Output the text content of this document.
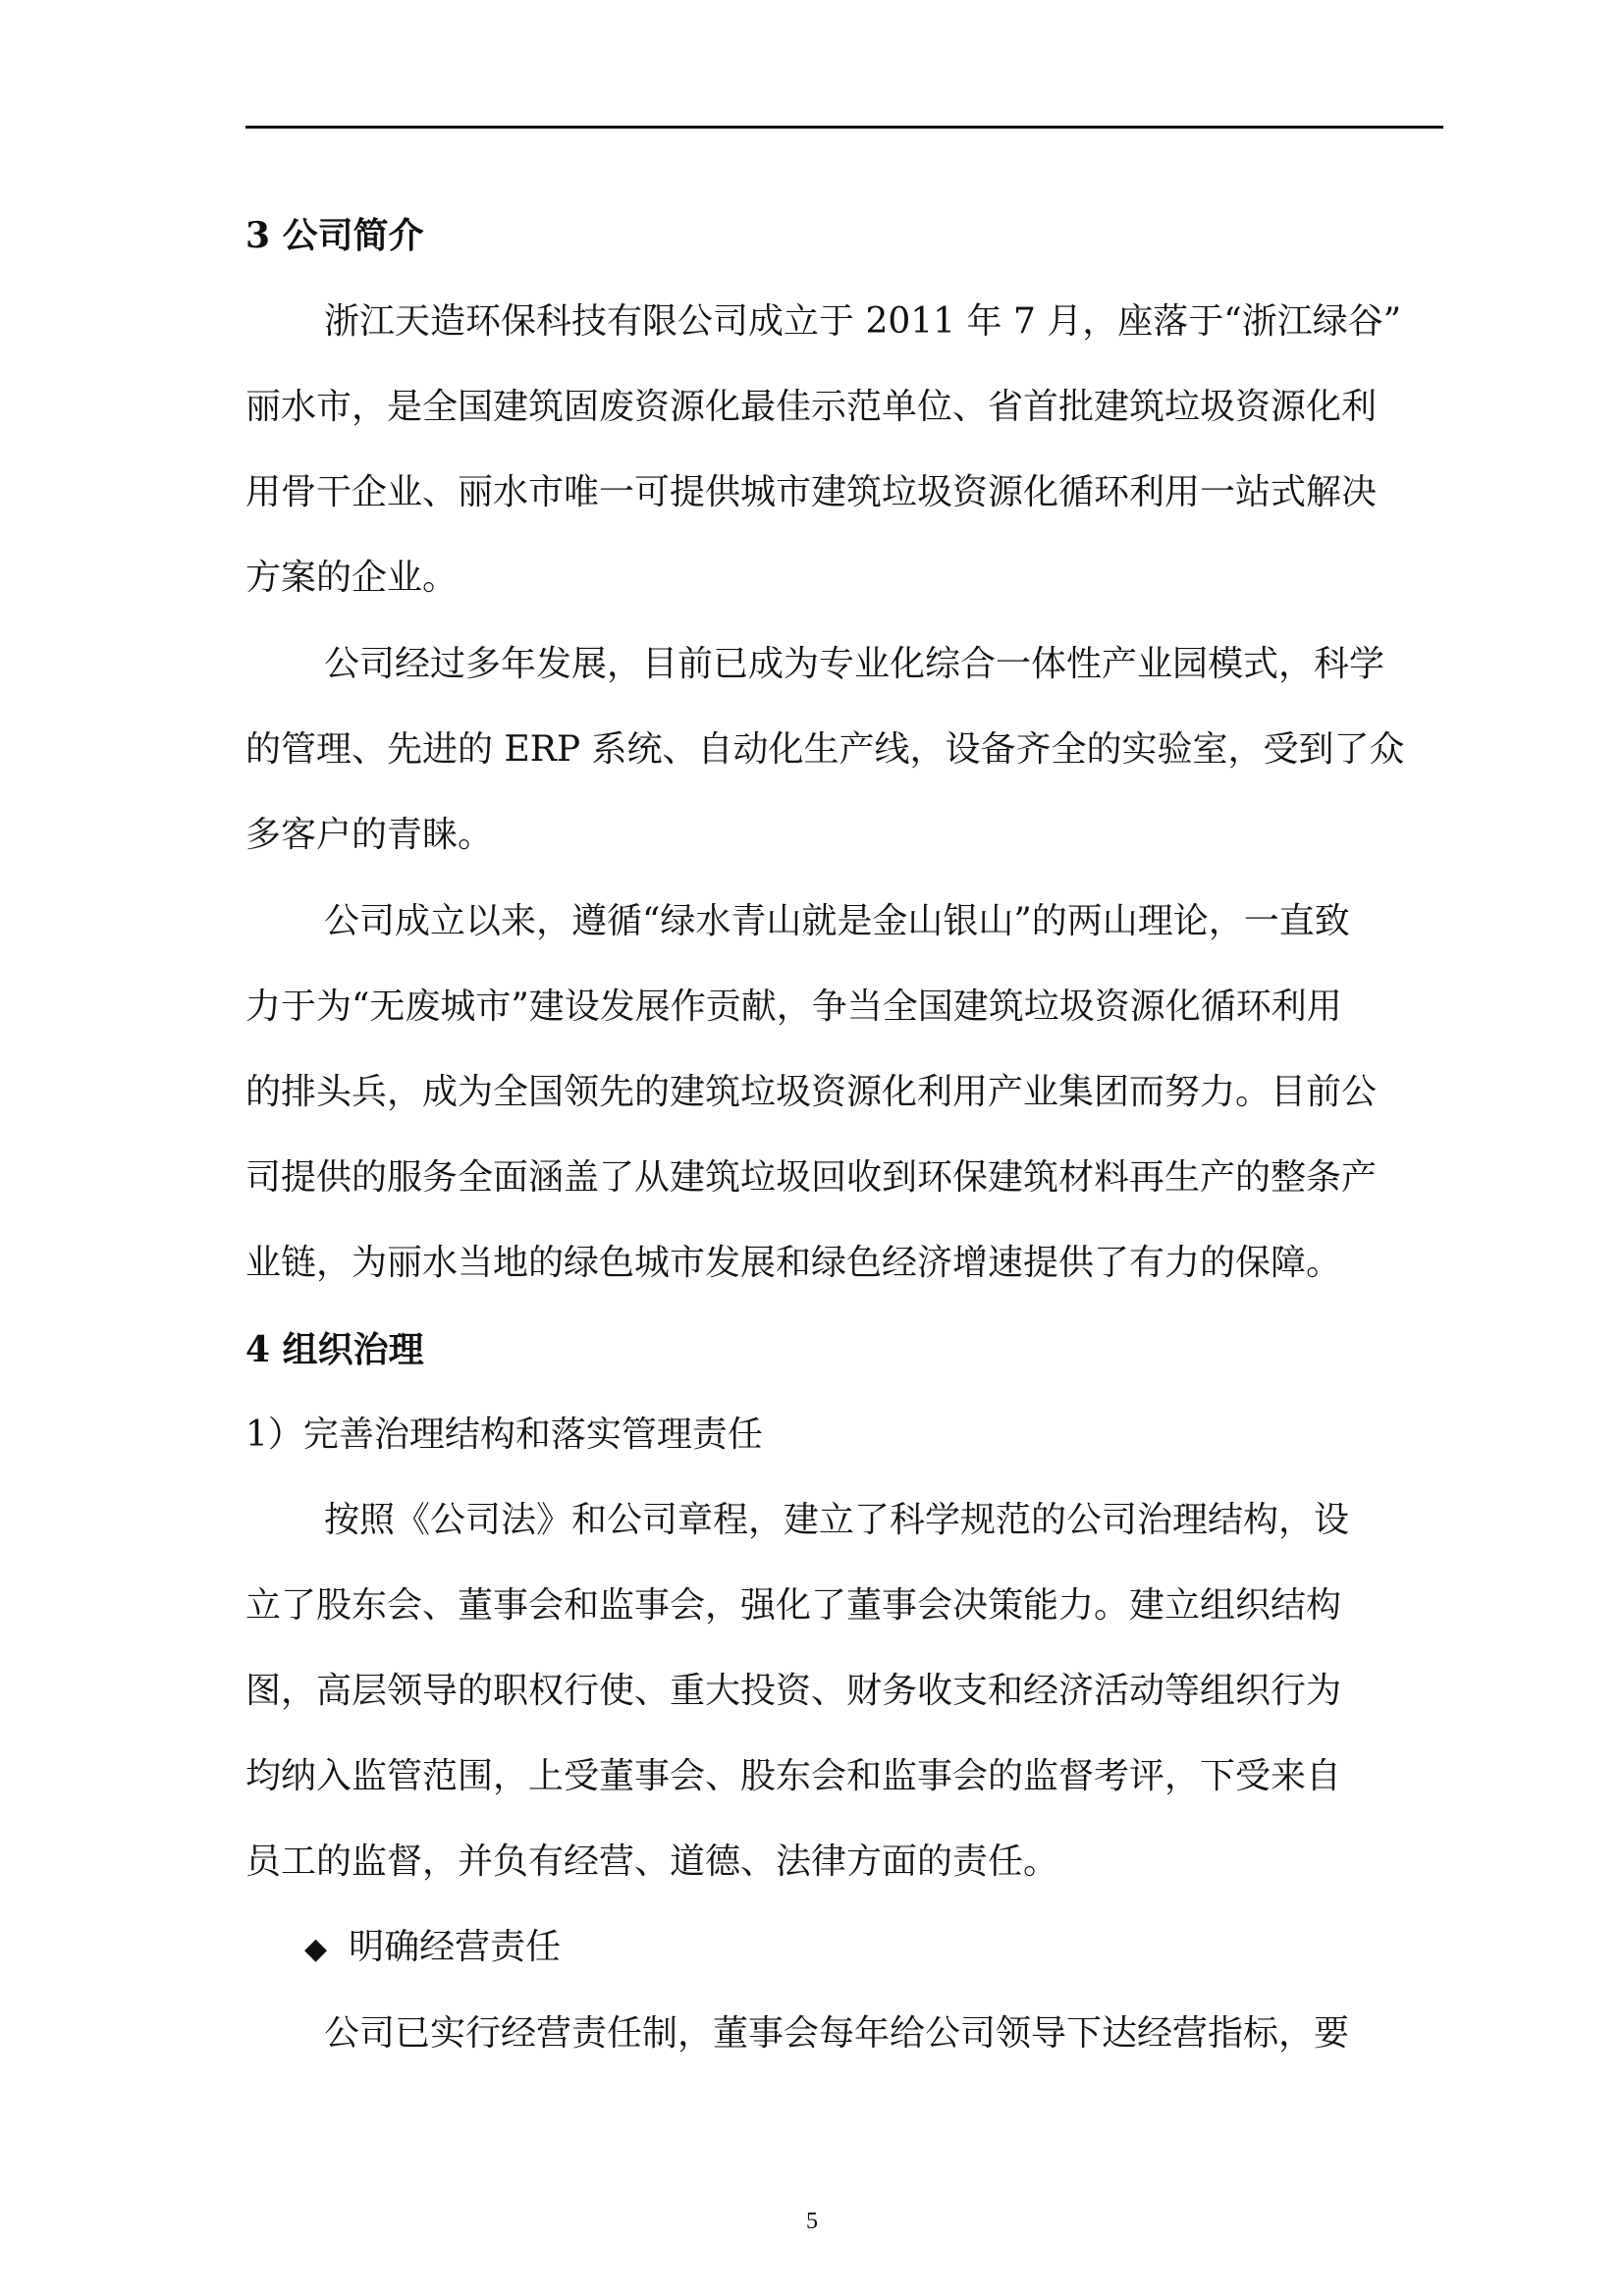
3 公司简介
浙江天造环保科技有限公司成立于 2011 年 7 月，座落于“浙江绿谷”
丽水市，是全国建筑固废资源化最佳示范单位、省首批建筑垃圾资源化利
用骨干企业、丽水市唯一可提供城市建筑垃圾资源化循环利用一站式解决
方案的企业。
公司经过多年发展，目前已成为专业化综合一体性产业园模式，科学
的管理、先进的 ERP 系统、自动化生产线，设备齐全的实验室，受到了众
多客户的青睐。
公司成立以来，遵循“绿水青山就是金山银山”的两山理论，一直致
力于为“无废城市”建设发展作贡献，争当全国建筑垃圾资源化循环利用
的排头兵，成为全国领先的建筑垃圾资源化利用产业集团而努力。目前公
司提供的服务全面涵盖了从建筑垃圾回收到环保建筑材料再生产的整条产
业链，为丽水当地的绿色城市发展和绿色经济增速提供了有力的保障。
4 组织治理
1）完善治理结构和落实管理责任
按照《公司法》和公司章程，建立了科学规范的公司治理结构，设
立了股东会、董事会和监事会，强化了董事会决策能力。建立组织结构
图，高层领导的职权行使、重大投资、财务收支和经济活动等组织行为
均纳入监管范围，上受董事会、股东会和监事会的监督考评，下受来自
员工的监督，并负有经营、道德、法律方面的责任。
◆ 明确经营责任
公司已实行经营责任制，董事会每年给公司领导下达经营指标，要
5
